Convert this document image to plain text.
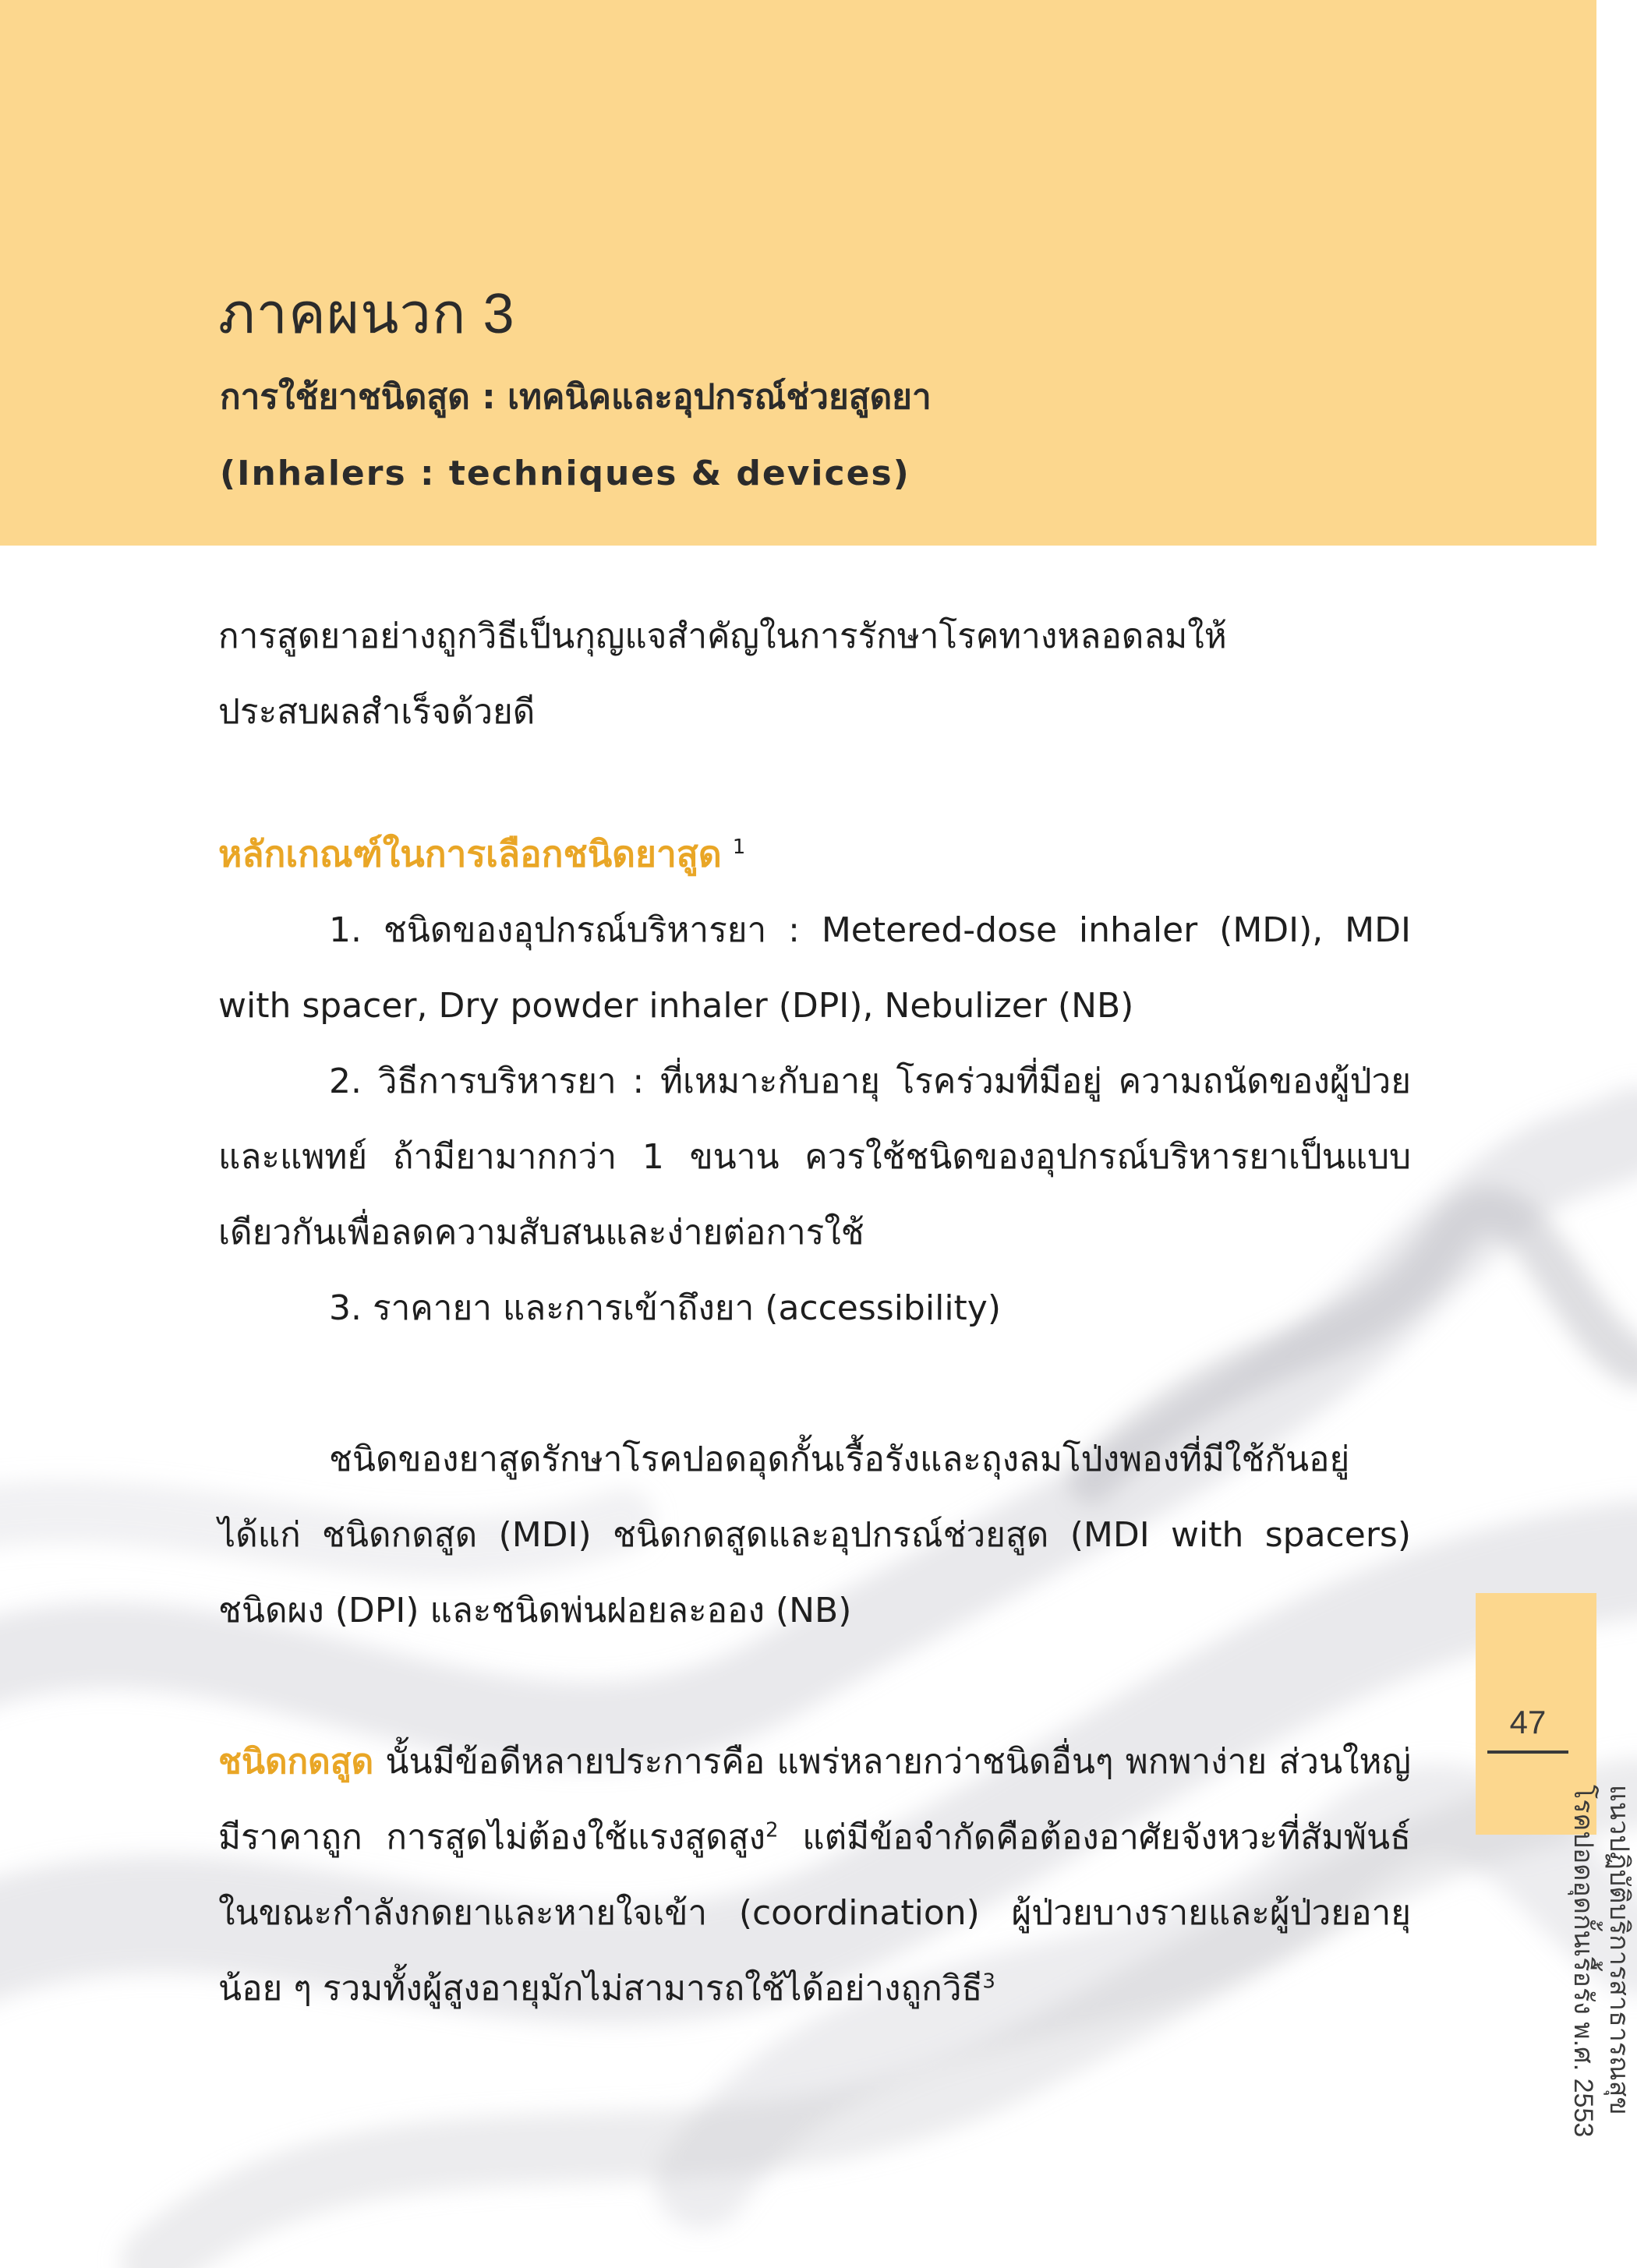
ภาคผนวก 3
การใช้ยาชนิดสูด : เทคนิคและอุปกรณ์ช่วยสูดยา
(Inhalers : techniques & devices)

การสูดยาอย่างถูกวิธีเป็นกุญแจสำคัญในการรักษาโรคทางหลอดลมให้

ประสบผลสำเร็จด้วยดี

หลักเกณฑ์ในการเลือกชนิดยาสูด $^1$

1. ชนิดของอุปกรณ์บริหารยา : Metered-dose inhaler (MDI), MDI with spacer, Dry powder inhaler (DPI), Nebulizer (NB)

2. วิธีการบริหารยา : ที่เหมาะกับอายุ โรคร่วมที่มีอยู่ ความถนัดของผู้ป่วยและแพทย์ ถ้ามียามากกว่า 1 ขนาน ควรใช้ชนิดของอุปกรณ์บริหารยาเป็นแบบเดียวกันเพื่อลดความสับสนและง่ายต่อการใช้

3. ราคายา และการเข้าถึงยา (accessibility)

ชนิดของยาสูดรักษาโรคปอดอุดกั้นเรื้อรังและถุงลมโป่งพองที่มีใช้กันอยู่ ได้แก่ ชนิดกดสูด (MDI) ชนิดกดสูดและอุปกรณ์ช่วยสูด (MDI with spacers) ชนิดผง (DPI) และชนิดพ่นฝอยละออง (NB)

ชนิดกดสูด นั้นมีข้อดีหลายประการคือ แพร่หลายกว่าชนิดอื่นๆ พกพาง่าย ส่วนใหญ่มีราคาถูก การสูดไม่ต้องใช้แรงสูดสูง$^2$ แต่มีข้อจำกัดคือต้องอาศัยจังหวะที่สัมพันธ์ในขณะกำลังกดยาและหายใจเข้า (coordination) ผู้ป่วยบางรายและผู้ป่วยอายุน้อย ๆ รวมทั้งผู้สูงอายุมักไม่สามารถใช้ได้อย่างถูกวิธี$^3$

47
แนวปฏิบัติบริการสาธารณสุข
โรคปอดอุดกั้นเรื้อรัง พ.ศ. 2553
